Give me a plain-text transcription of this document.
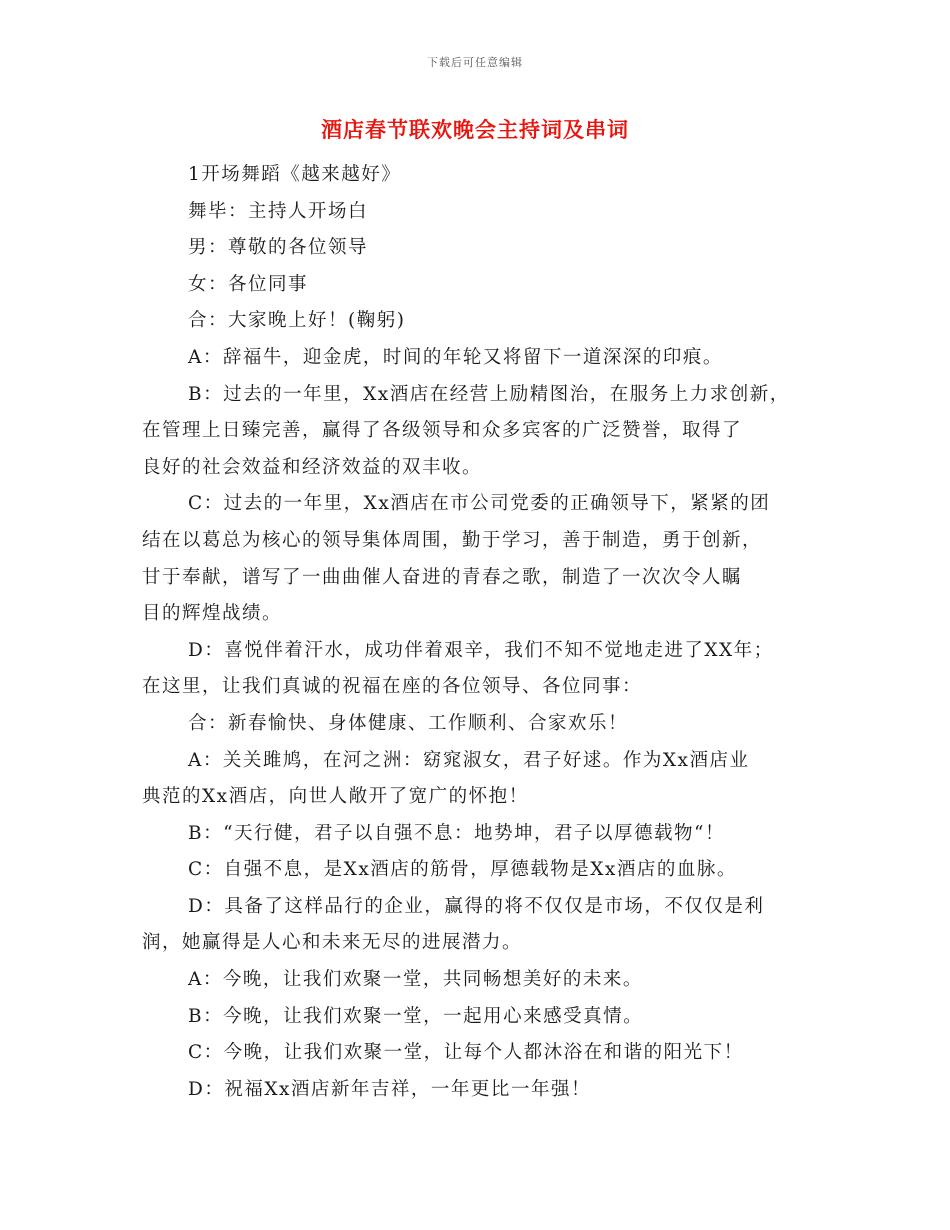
下载后可任意编辑
酒店春节联欢晚会主持词及串词
1开场舞蹈《越来越好》
舞毕：主持人开场白
男：尊敬的各位领导
女：各位同事
合：大家晚上好！(鞠躬)
A：辞福牛，迎金虎，时间的年轮又将留下一道深深的印痕。
B：过去的一年里，Xx酒店在经营上励精图治，在服务上力求创新，
在管理上日臻完善，赢得了各级领导和众多宾客的广泛赞誉，取得了
良好的社会效益和经济效益的双丰收。
C：过去的一年里，Xx酒店在市公司党委的正确领导下，紧紧的团
结在以葛总为核心的领导集体周围，勤于学习，善于制造，勇于创新，
甘于奉献，谱写了一曲曲催人奋进的青春之歌，制造了一次次令人瞩
目的辉煌战绩。
D：喜悦伴着汗水，成功伴着艰辛，我们不知不觉地走进了XX年；
在这里，让我们真诚的祝福在座的各位领导、各位同事：
合：新春愉快、身体健康、工作顺利、合家欢乐！
A：关关雎鸠，在河之洲：窈窕淑女，君子好逑。作为Xx酒店业
典范的Xx酒店，向世人敞开了宽广的怀抱！
B：“天行健，君子以自强不息：地势坤，君子以厚德载物“！
C：自强不息，是Xx酒店的筋骨，厚德载物是Xx酒店的血脉。
D：具备了这样品行的企业，赢得的将不仅仅是市场，不仅仅是利
润，她赢得是人心和未来无尽的进展潜力。
A：今晚，让我们欢聚一堂，共同畅想美好的未来。
B：今晚，让我们欢聚一堂，一起用心来感受真情。
C：今晚，让我们欢聚一堂，让每个人都沐浴在和谐的阳光下！
D：祝福Xx酒店新年吉祥，一年更比一年强！
